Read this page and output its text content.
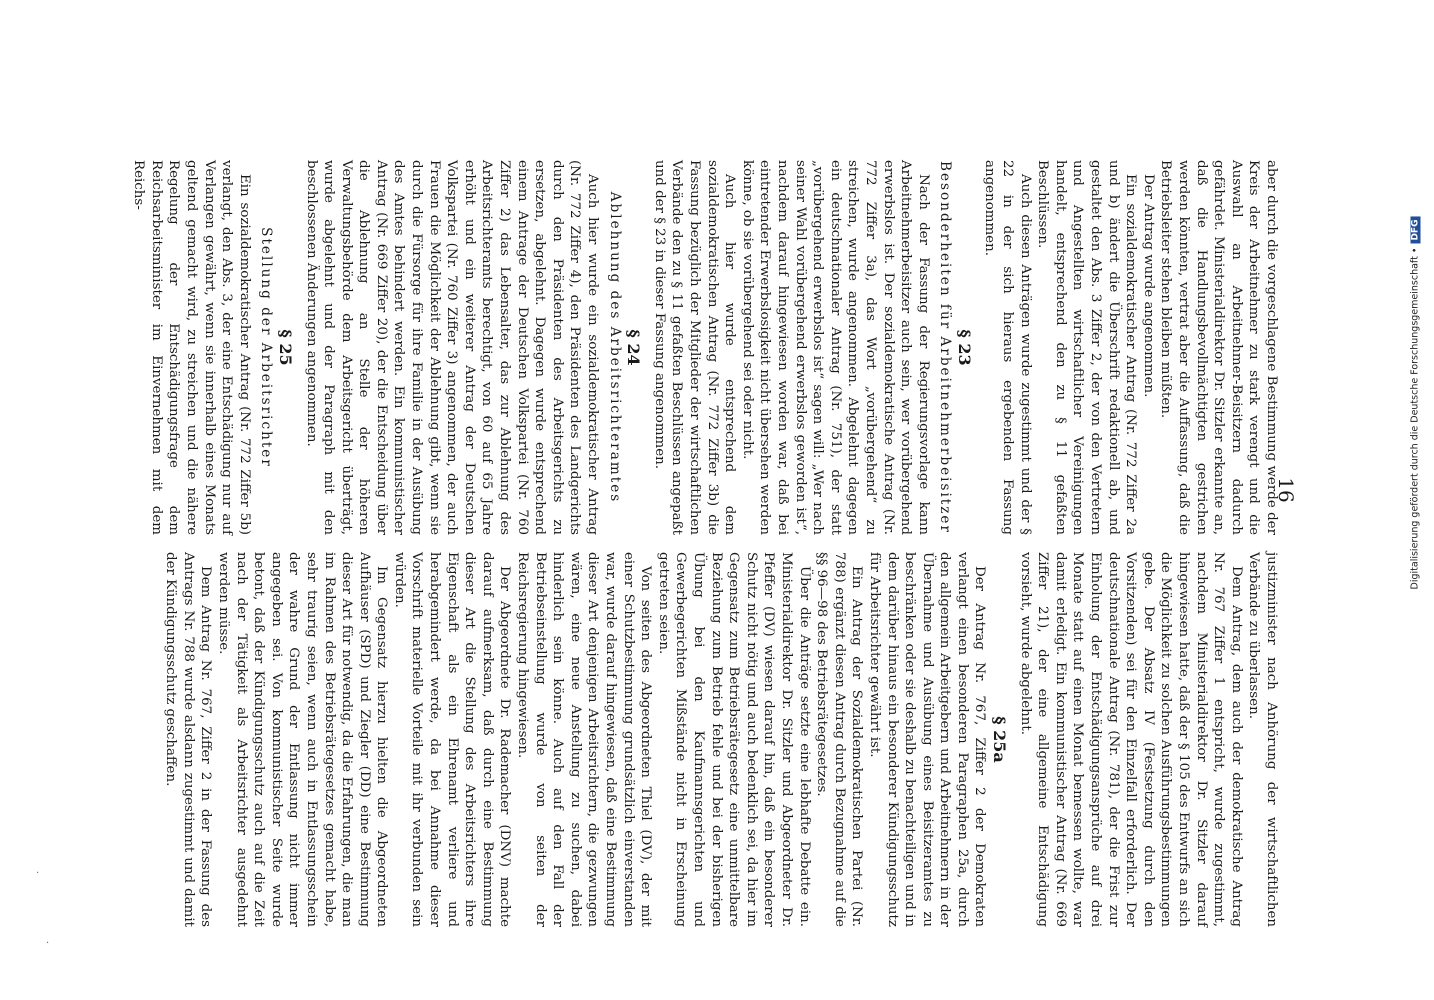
·
·
16

aber durch die vorgeschlagene Bestimmung werde der Kreis der Arbeitnehmer zu stark verengt und die Auswahl an Arbeitnehmer-Beisitzern dadurch gefährdet. Ministerialdirektor Dr. Sitzler erkannte an, daß die Handlungsbevollmächtigten gestrichen werden könnten, vertrat aber die Auffassung, daß die Betriebsleiter stehen bleiben müßten.

Der Antrag wurde angenommen.

Ein sozialdemokratischer Antrag (Nr. 772 Ziffer 2a und b) ändert die Überschrift redaktionell ab, und gestaltet den Abs. 3 Ziffer 2, der von den Vertretern und Angestellten wirtschaftlicher Vereinigungen handelt, entsprechend den zu § 11 gefaßten Beschlüssen.

Auch diesen Anträgen wurde zugestimmt und der § 22 in der sich hieraus ergebenden Fassung angenommen.

§ 23
Besonderheiten für Arbeitnehmerbeisitzer

Nach der Fassung der Regierungsvorlage kann Arbeitnehmerbeisitzer auch sein, wer vorübergehend erwerbslos ist. Der sozialdemokratische Antrag (Nr. 772 Ziffer 3a), das Wort „vorübergehend“ zu streichen, wurde angenommen. Abgelehnt dagegen ein deutschnationaler Antrag (Nr. 751), der statt „vorübergehend erwerbslos ist“ sagen will: „Wer nach seiner Wahl vorübergehend erwerbslos geworden ist“, nachdem darauf hingewiesen worden war, daß bei eintretender Erwerbslosigkeit nicht übersehen werden könne, ob sie vorübergehend sei oder nicht.

Auch hier wurde entsprechend dem sozialdemokratischen Antrag (Nr. 772 Ziffer 3b) die Fassung bezüglich der Mitglieder der wirtschaftlichen Verbände den zu § 11 gefaßten Beschlüssen angepaßt und der § 23 in dieser Fassung angenommen.

§ 24
Ablehnung des Arbeitsrichteramtes

Auch hier wurde ein sozialdemokratischer Antrag (Nr. 772 Ziffer 4), den Präsidenten des Landgerichts durch den Präsidenten des Arbeitsgerichts zu ersetzen, abgelehnt. Dagegen wurde entsprechend einem Antrage der Deutschen Volkspartei (Nr. 760 Ziffer 2) das Lebensalter, das zur Ablehnung des Arbeitsrichteramts berechtigt, von 60 auf 65 Jahre erhöht und ein weiterer Antrag der Deutschen Volkspartei (Nr. 760 Ziffer 3) angenommen, der auch Frauen die Möglichkeit der Ablehnung gibt, wenn sie durch die Fürsorge für ihre Familie in der Ausübung des Amtes behindert werden. Ein kommunistischer Antrag (Nr. 669 Ziffer 20), der die Entscheidung über die Ablehnung an Stelle der höheren Verwaltungsbehörde dem Arbeitsgericht überträgt, wurde abgelehnt und der Paragraph mit den beschlossenen Änderungen angenommen.

§ 25
Stellung der Arbeitsrichter

Ein sozialdemokratischer Antrag (Nr. 772 Ziffer 5b) verlangt, den Abs. 3, der eine Entschädigung nur auf Verlangen gewährt, wenn sie innerhalb eines Monats geltend gemacht wird, zu streichen und die nähere Regelung der Entschädigungsfrage dem Reichsarbeitsminister im Einvernehmen mit dem Reichs-

justizminister nach Anhörung der wirtschaftlichen Verbände zu überlassen.

Dem Antrag, dem auch der demokratische Antrag Nr. 767 Ziffer 1 entspricht, wurde zugestimmt, nachdem Ministerialdirektor Dr. Sitzler darauf hingewiesen hatte, daß der § 105 des Entwurfs an sich die Möglichkeit zu solchen Ausführungsbestimmungen gebe. Der Absatz IV (Festsetzung durch den Vorsitzenden) sei für den Einzelfall erforderlich. Der deutschnationale Antrag (Nr. 781), der die Frist zur Einholung der Entschädigungsansprüche auf drei Monate statt auf einen Monat bemessen wollte, war damit erledigt. Ein kommunistischer Antrag (Nr. 669 Ziffer 21), der eine allgemeine Entschädigung vorsieht, wurde abgelehnt.

§ 25a

Der Antrag Nr. 767, Ziffer 2 der Demokraten verlangt einen besonderen Paragraphen 25a, durch den allgemein Arbeitgebern und Arbeitnehmern in der Übernahme und Ausübung eines Beisitzeramtes zu beschränken oder sie deshalb zu benachteiligen und in dem darüber hinaus ein besonderer Kündigungsschutz für Arbeitsrichter gewährt ist.

Ein Antrag der Sozialdemokratischen Partei (Nr. 788) ergänzt diesen Antrag durch Bezugnahme auf die §§ 96—98 des Betriebsrätegesetzes.

Über die Anträge setzte eine lebhafte Debatte ein. Ministerialdirektor Dr. Sitzler und Abgeordneter Dr. Pfeffer (DV) wiesen darauf hin, daß ein besonderer Schutz nicht nötig und auch bedenklich sei, da hier im Gegensatz zum Betriebsrätegesetz eine unmittelbare Beziehung zum Betrieb fehle und bei der bisherigen Übung bei den Kaufmannsgerichten und Gewerbegerichten Mißstände nicht in Erscheinung getreten seien.

Von seiten des Abgeordneten Thiel (DV), der mit einer Schutzbestimmung grundsätzlich einverstanden war, wurde darauf hingewiesen, daß eine Bestimmung dieser Art denjenigen Arbeitsrichtern, die gezwungen wären, eine neue Anstellung zu suchen, dabei hinderlich sein könne. Auch auf den Fall der Betriebseinstellung wurde von seiten der Reichsregierung hingewiesen.

Der Abgeordnete Dr. Rademacher (DNV) machte darauf aufmerksam, daß durch eine Bestimmung dieser Art die Stellung des Arbeitsrichters ihre Eigenschaft als ein Ehrenamt verliere und herabgemindert werde, da bei Annahme dieser Vorschrift materielle Vorteile mit ihr verbunden sein würden.

Im Gegensatz hierzu hielten die Abgeordneten Aufhäuser (SPD) und Ziegler (DD) eine Bestimmung dieser Art für notwendig, da die Erfahrungen, die man im Rahmen des Betriebsrätegesetzes gemacht habe, sehr traurig seien, wenn auch in Entlassungsschein der wahre Grund der Entlassung nicht immer angegeben sei. Von kommunistischer Seite wurde betont, daß der Kündigungsschutz auch auf die Zeit nach der Tätigkeit als Arbeitsrichter ausgedehnt werden müsse.

Dem Antrag Nr. 767, Ziffer 2 in der Fassung des Antrags Nr. 788 wurde alsdann zugestimmt und damit der Kündigungsschutz geschaffen.

Digitalisierung gefördert durch die Deutsche Forschungsgemeinschaft •DFG
